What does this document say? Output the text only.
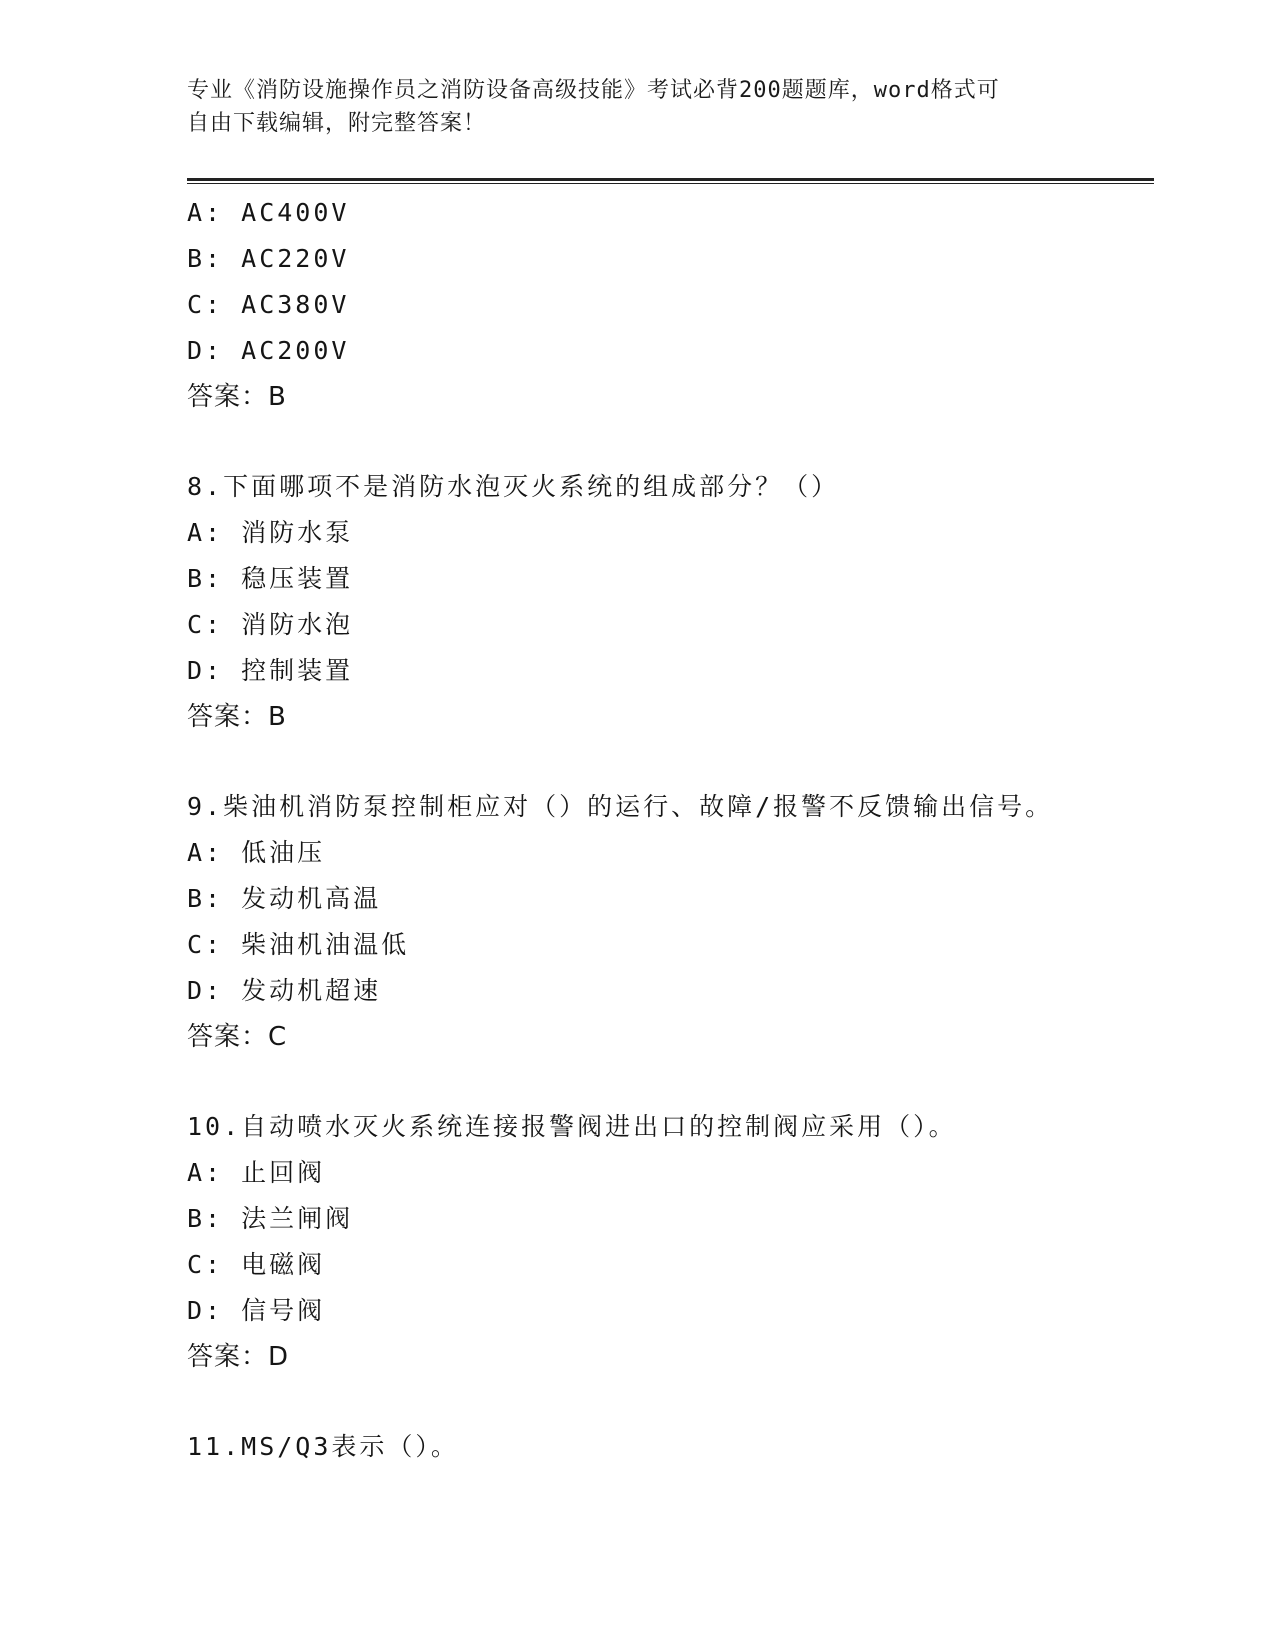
专业《消防设施操作员之消防设备高级技能》考试必背200题题库，word格式可
自由下载编辑，附完整答案！
A: AC400V
B: AC220V
C: AC380V
D: AC200V
答案：B
8.下面哪项不是消防水泡灭火系统的组成部分？（）
A: 消防水泵
B: 稳压装置
C: 消防水泡
D: 控制装置
答案：B
9.柴油机消防泵控制柜应对（）的运行、故障/报警不反馈输出信号。
A: 低油压
B: 发动机高温
C: 柴油机油温低
D: 发动机超速
答案：C
10.自动喷水灭火系统连接报警阀进出口的控制阀应采用（）。
A: 止回阀
B: 法兰闸阀
C: 电磁阀
D: 信号阀
答案：D
11.MS/Q3表示（）。
